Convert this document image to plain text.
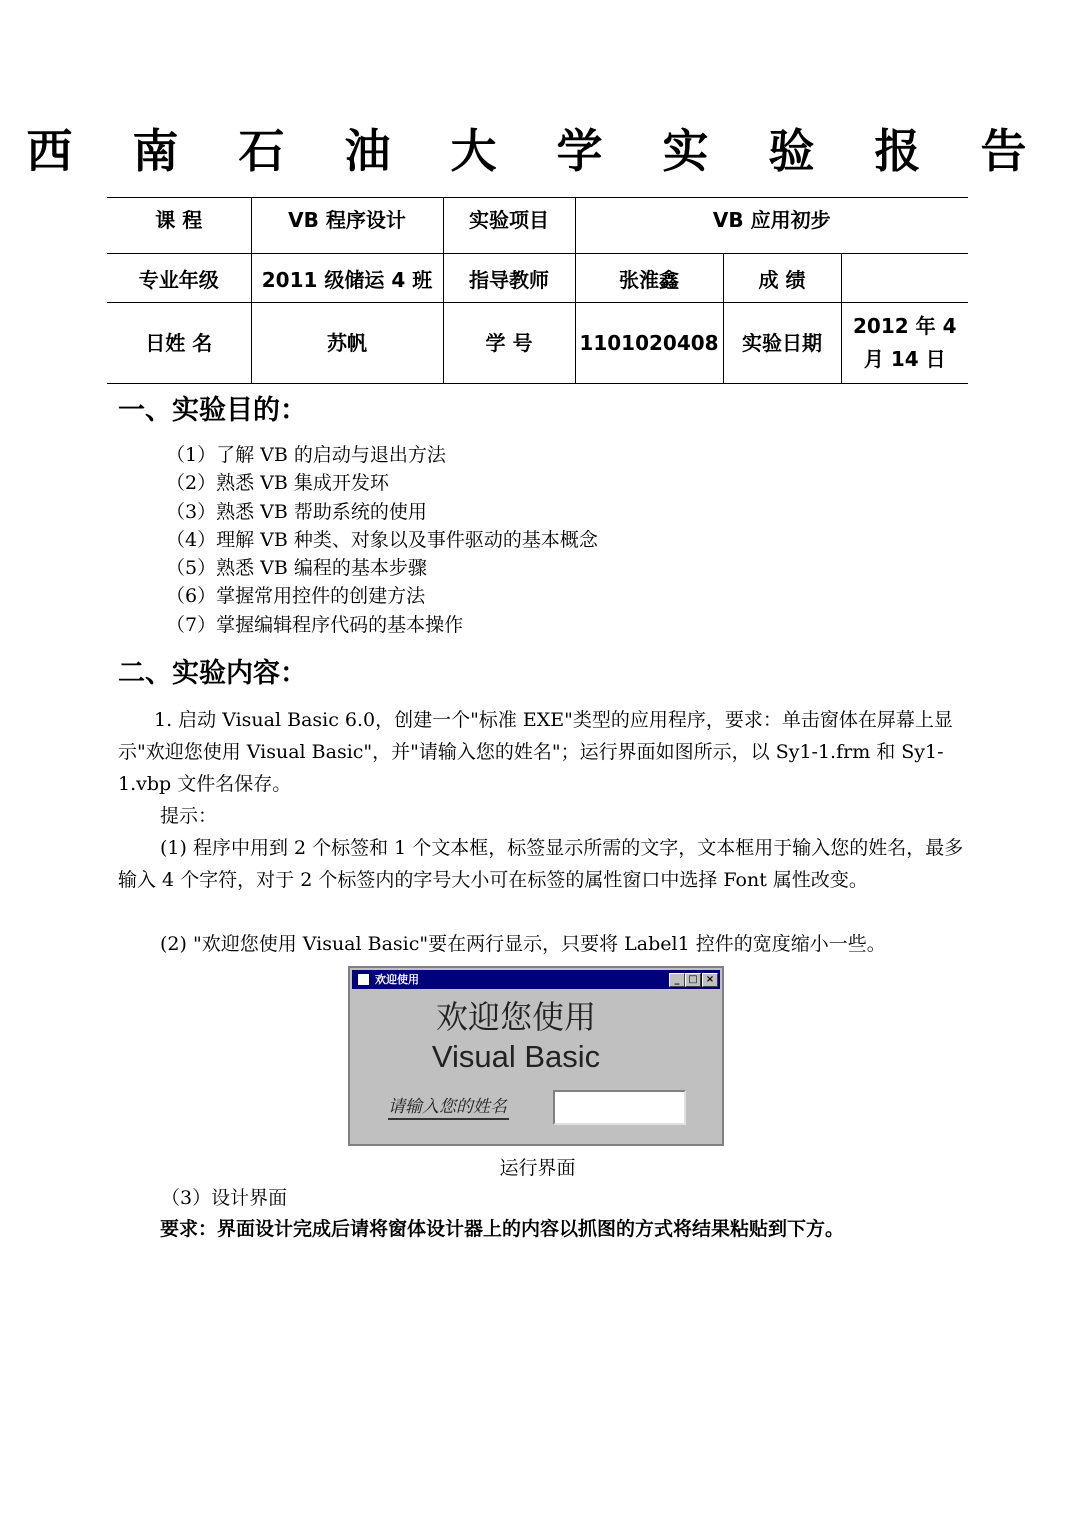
西 南 石 油 大 学 实 验 报 告
课 程	VB 程序设计	实验项目	VB 应用初步		
专业年级	2011 级储运 4 班	指导教师	张淮鑫	成 绩	
日姓 名	苏帆	学 号	1101020408	实验日期	2012 年 4
月 14 日
一、实验目的：
（1）了解 VB 的启动与退出方法
（2）熟悉 VB 集成开发环
（3）熟悉 VB 帮助系统的使用
（4）理解 VB 种类、对象以及事件驱动的基本概念
（5）熟悉 VB 编程的基本步骤
（6）掌握常用控件的创建方法
（7）掌握编辑程序代码的基本操作
二、实验内容：

1. 启动 Visual Basic 6.0，创建一个"标准 EXE"类型的应用程序，要求：单击窗体在屏幕上显示"欢迎您使用 Visual Basic"，并"请输入您的姓名"；运行界面如图所示，以 Sy1-1.frm 和 Sy1-1.vbp 文件名保存。

提示：

(1) 程序中用到 2 个标签和 1 个文本框，标签显示所需的文字，文本框用于输入您的姓名，最多输入 4 个字符，对于 2 个标签内的字号大小可在标签的属性窗口中选择 Font 属性改变。

(2) "欢迎您使用 Visual Basic"要在两行显示，只要将 Label1 控件的宽度缩小一些。

欢迎使用	_ □ ×
欢迎您使用
Visual Basic
请输入您的姓名
运行界面
（3）设计界面
要求：界面设计完成后请将窗体设计器上的内容以抓图的方式将结果粘贴到下方。
